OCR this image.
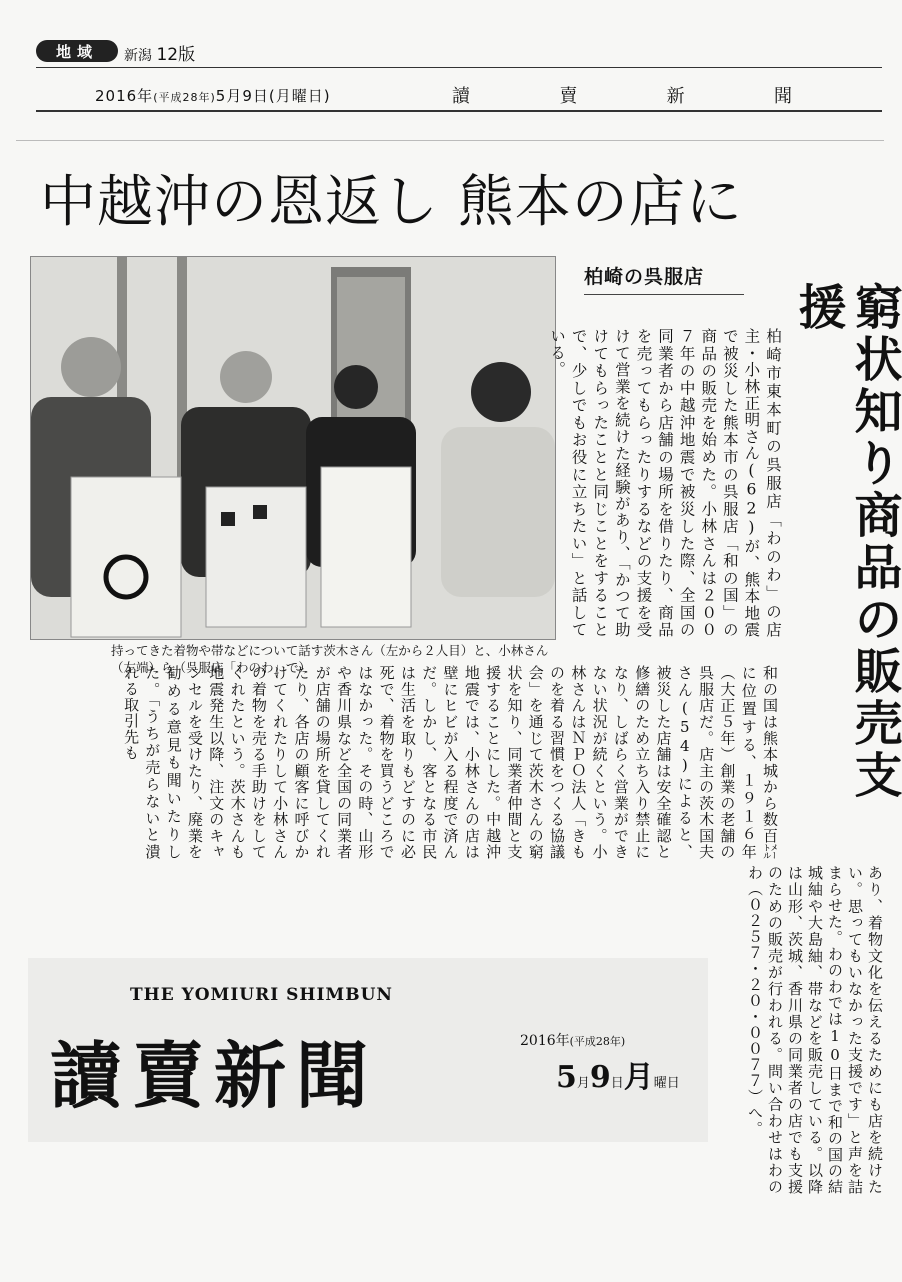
地域	新潟 12版
2016年(平成28年)5月9日(月曜日)	讀	賣	新	聞
中越沖の恩返し 熊本の店に
持ってきた着物や帯などについて話す茨木さん（左から２人目）と、小林さん（左端）ら（呉服店「わのわ」で）
柏崎の呉服店
窮状知り商品の販売支援
柏崎市東本町の呉服店「わのわ」の店主・小林正明さん(62)が、熊本地震で被災した熊本市の呉服店「和の国」の商品の販売を始めた。小林さんは２００７年の中越沖地震で被災した際、全国の同業者から店舗の場所を借りたり、商品を売ってもらったりするなどの支援を受けて営業を続けた経験があり、「かつて助けてもらったことと同じことをすることで、少しでもお役に立ちたい」と話している。
和の国は熊本城から数百㍍に位置する、１９１６年（大正５年）創業の老舗の呉服店だ。店主の茨木国夫さん(54)によると、被災した店舗は安全確認と修繕のため立ち入り禁止になり、しばらく営業ができない状況が続くという。小林さんはＮＰＯ法人「きものを着る習慣をつくる協議会」を通じて茨木さんの窮状を知り、同業者仲間と支援することにした。中越沖地震では、小林さんの店は壁にヒビが入る程度で済んだ。しかし、客となる市民は生活を取りもどすのに必死で、着物を買うどころではなかった。その時、山形や香川県など全国の同業者が店舗の場所を貸してくれたり、各店の顧客に呼びかけてくれたりして小林さんの着物を売る手助けをしてくれたという。茨木さんも地震発生以降、注文のキャンセルを受けたり、廃業を勧める意見も聞いたりした。「うちが売らないと潰れる取引先も
あり、着物文化を伝えるためにも店を続けたい。思ってもいなかった支援です」と声を詰まらせた。わのわでは10日まで和の国の結城紬や大島紬、帯などを販売している。以降は山形、茨城、香川県の同業者の店でも支援のための販売が行われる。問い合わせはわのわ（０２５７・２０・００７７）へ。
THE YOMIURI SHIMBUN
讀賣新聞	2016年(平成28年)
5月9日月曜日
